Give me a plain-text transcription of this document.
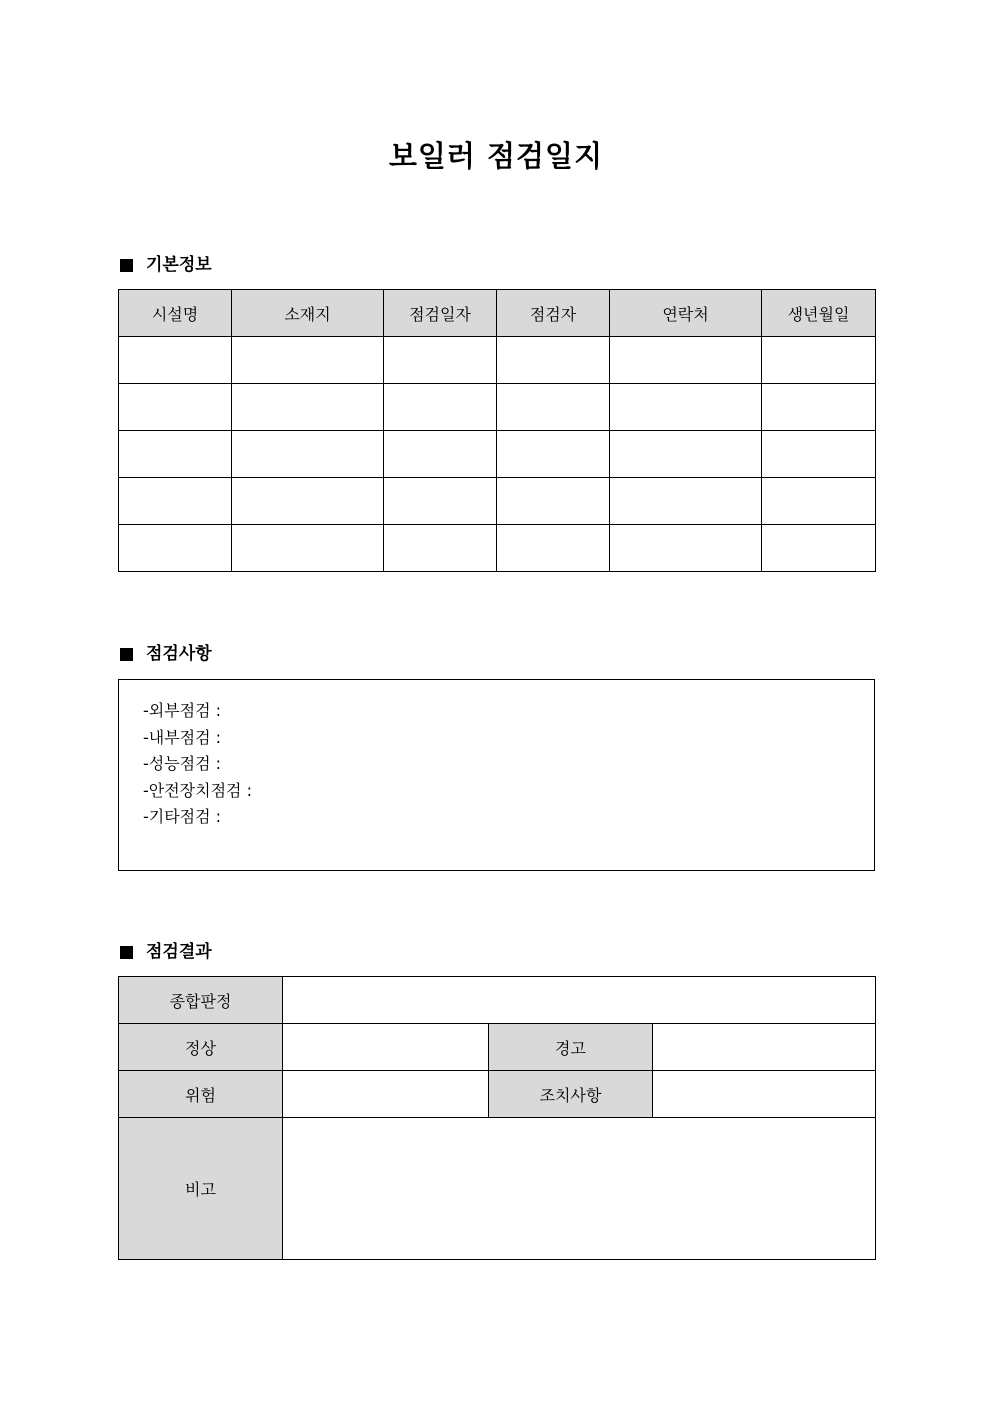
보일러 점검일지
기본정보
시설명	소재지	점검일자	점검자	연락처	생년월일

점검사항
-외부점검 :
-내부점검 :
-성능점검 :
-안전장치점검 :
-기타점검 :
점검결과
종합판정			
정상		경고	
위험		조치사항	
비고			
